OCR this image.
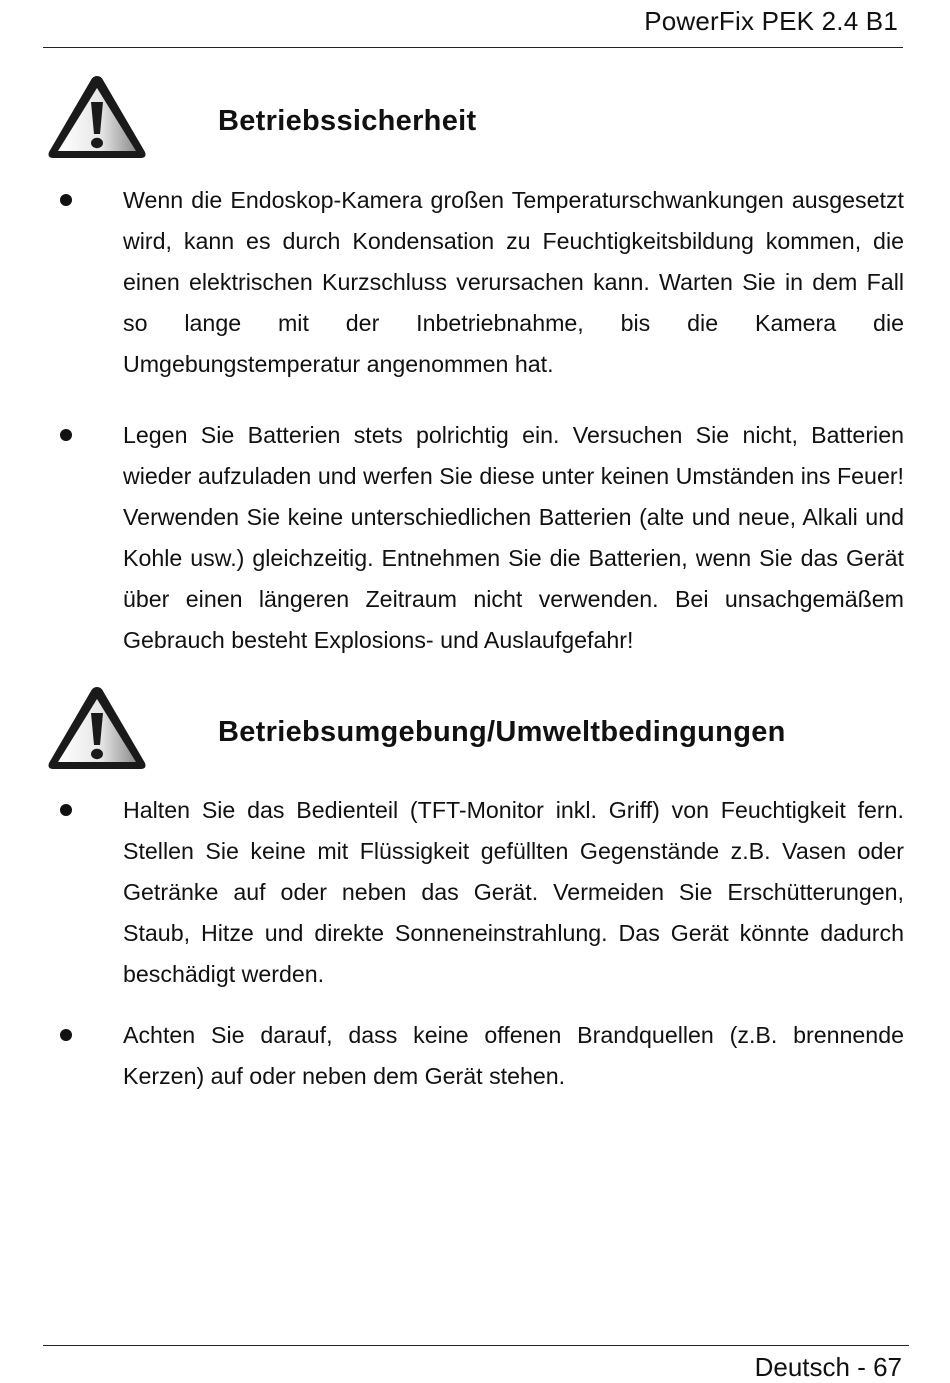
PowerFix PEK 2.4 B1
Betriebssicherheit
Wenn die Endoskop-Kamera großen Temperaturschwankungen ausgesetzt wird, kann es durch Kondensation zu Feuchtigkeitsbildung kommen, die einen elektrischen Kurzschluss verursachen kann. Warten Sie in dem Fall so lange mit der Inbetriebnahme, bis die Kamera die Umgebungstemperatur angenommen hat.
Legen Sie Batterien stets polrichtig ein. Versuchen Sie nicht, Batterien wieder aufzuladen und werfen Sie diese unter keinen Umständen ins Feuer! Verwenden Sie keine unterschiedlichen Batterien (alte und neue, Alkali und Kohle usw.) gleichzeitig. Entnehmen Sie die Batterien, wenn Sie das Gerät über einen längeren Zeitraum nicht verwenden. Bei unsachgemäßem Gebrauch besteht Explosions- und Auslaufgefahr!
Betriebsumgebung/Umweltbedingungen
Halten Sie das Bedienteil (TFT-Monitor inkl. Griff) von Feuchtigkeit fern. Stellen Sie keine mit Flüssigkeit gefüllten Gegenstände z.B. Vasen oder Getränke auf oder neben das Gerät. Vermeiden Sie Erschütterungen, Staub, Hitze und direkte Sonneneinstrahlung. Das Gerät könnte dadurch beschädigt werden.
Achten Sie darauf, dass keine offenen Brandquellen (z.B. brennende Kerzen) auf oder neben dem Gerät stehen.
Deutsch - 67
